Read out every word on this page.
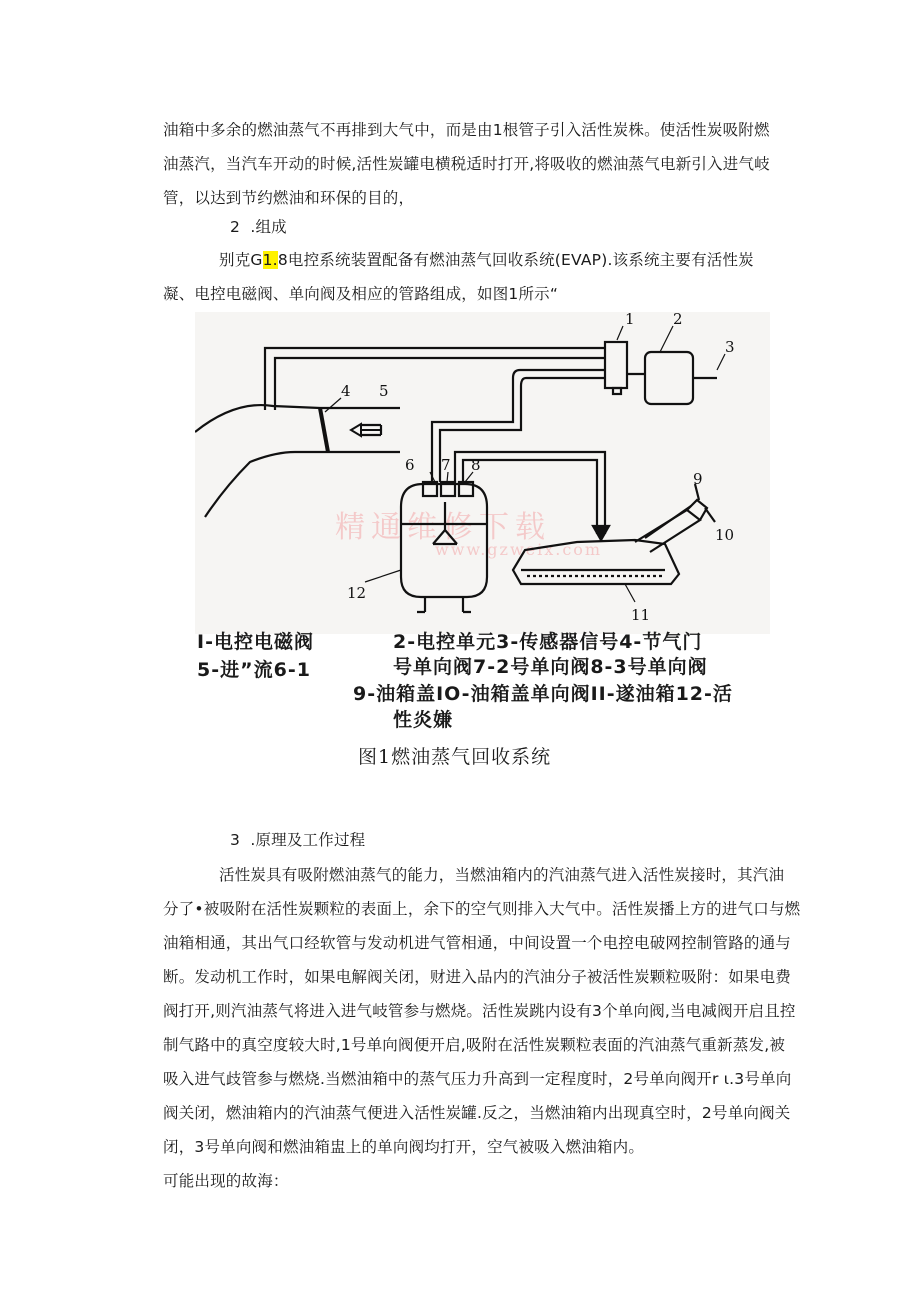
油箱中多余的燃油蒸气不再排到大气中，而是由1根管子引入活性炭株。使活性炭吸附燃
油蒸汽，当汽车开动的时候,活性炭罐电横税适时打开,将吸收的燃油蒸气电新引入进气岐
管，以达到节约燃油和环保的目的，
2  .组成
别克G1.8电控系统装置配备有燃油蒸气回收系统(EVAP).该系统主要有活性炭
凝、电控电磁阀、单向阀及相应的管路组成，如图1所示“
精通维修下载
www.gzweix.com
1	2
3
4 5
6 7 8
9
10
11
12
I-电控电磁阀
5-进”流6-1
2-电控单元3-传感器信号4-节气门
号单向阀7-2号单向阀8-3号单向阀
9-油箱盖IO-油箱盖单向阀II-遂油箱12-活
性炎嫌
图1燃油蒸气回收系统
3  .原理及工作过程
活性炭具有吸附燃油蒸气的能力，当燃油箱内的汽油蒸气进入活性炭接时，其汽油
分了•被吸附在活性炭颗粒的表面上，余下的空气则排入大气中。活性炭播上方的进气口与燃
油箱相通，其出气口经软管与发动机进气管相通，中间设置一个电控电破网控制管路的通与
断。发动机工作时，如果电解阀关闭，财进入品内的汽油分子被活性炭颗粒吸附：如果电费
阀打开,则汽油蒸气将进入进气岐管参与燃烧。活性炭跳内设有3个单向阀,当电减阀开启且控
制气路中的真空度较大时,1号单向阀便开启,吸附在活性炭颗粒表面的汽油蒸气重新蒸发,被
吸入进气歧管参与燃烧.当燃油箱中的蒸气压力升高到一定程度时，2号单向阀开r ι.3号单向
阀关闭，燃油箱内的汽油蒸气便进入活性炭罐.反之，当燃油箱内出现真空时，2号单向阀关
闭，3号单向阀和燃油箱盅上的单向阀均打开，空气被吸入燃油箱内。
可能出现的故海：
